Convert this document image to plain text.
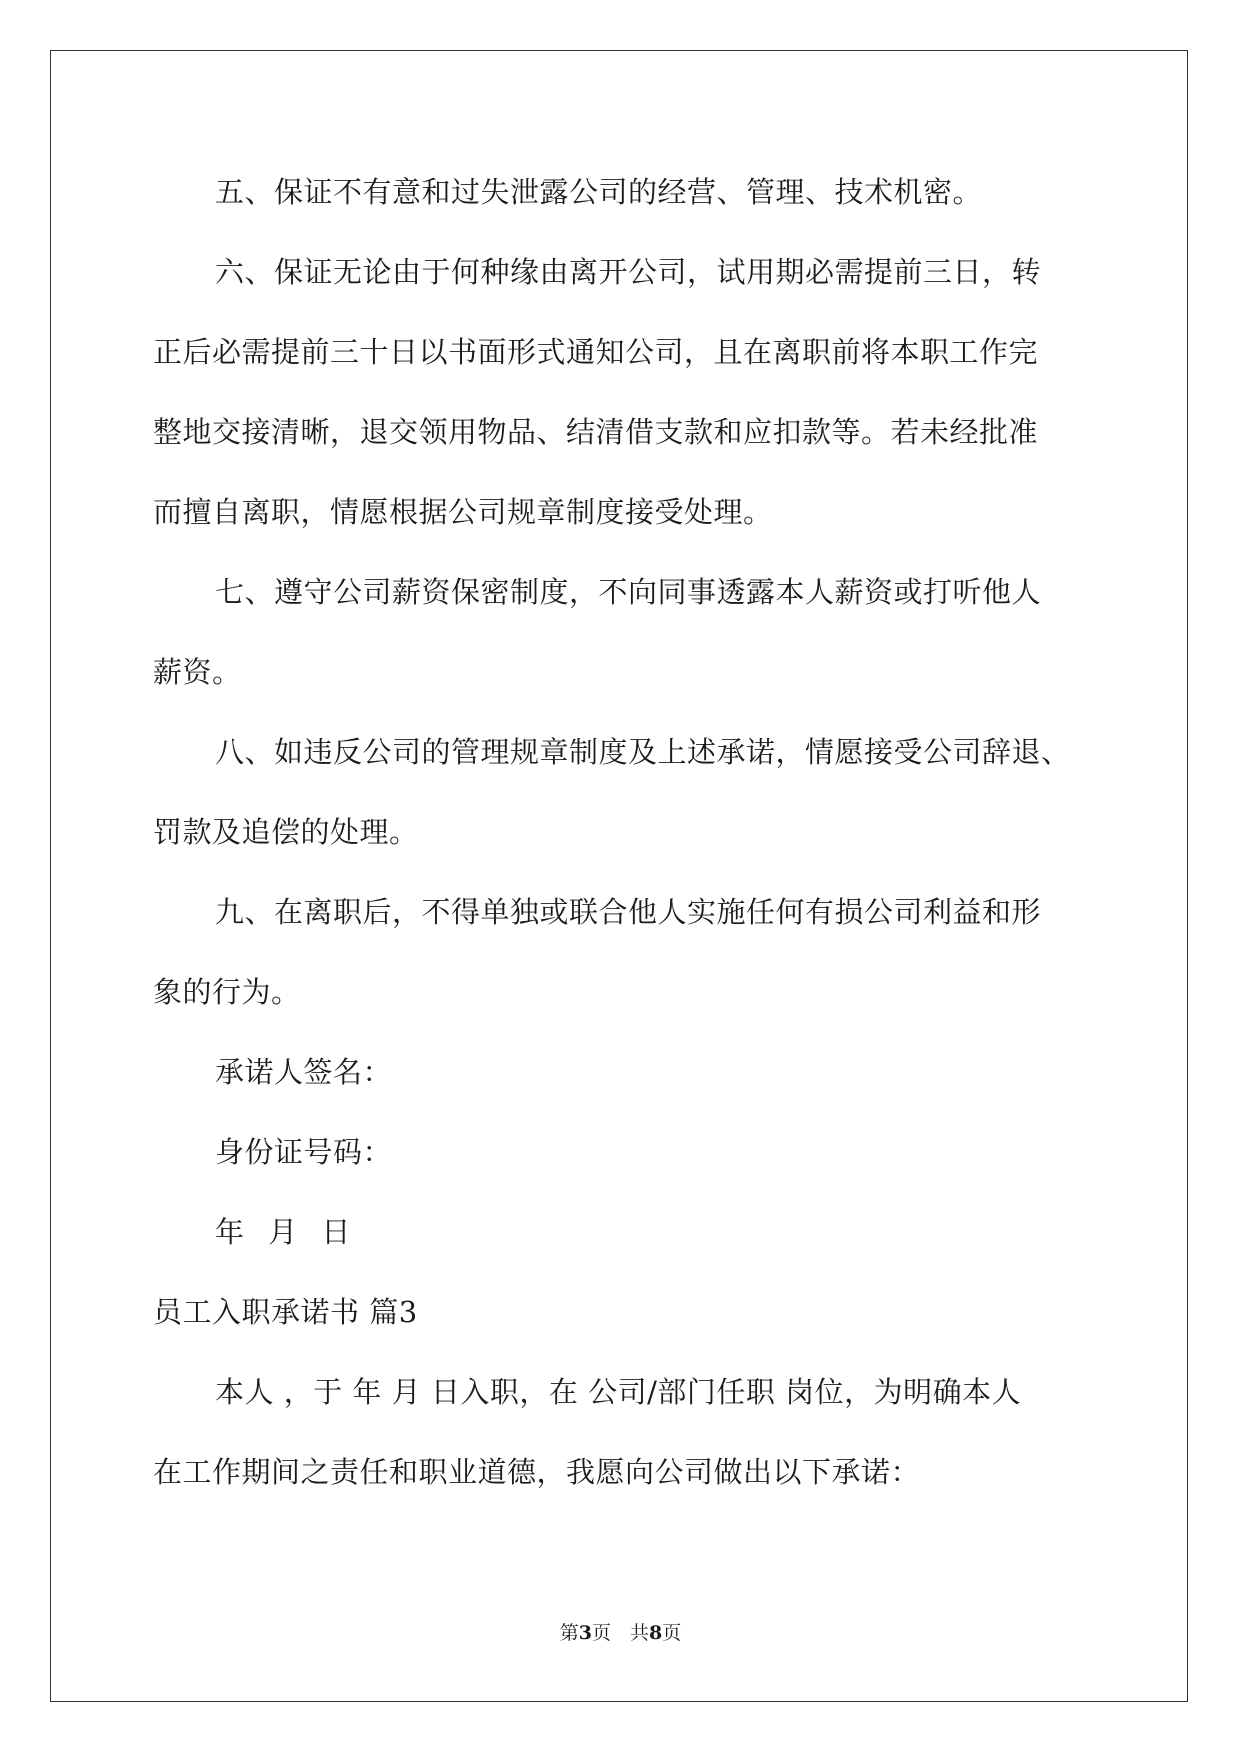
五、保证不有意和过失泄露公司的经营、管理、技术机密。
六、保证无论由于何种缘由离开公司，试用期必需提前三日，转
正后必需提前三十日以书面形式通知公司，且在离职前将本职工作完
整地交接清晰，退交领用物品、结清借支款和应扣款等。若未经批准
而擅自离职，情愿根据公司规章制度接受处理。
七、遵守公司薪资保密制度，不向同事透露本人薪资或打听他人
薪资。
八、如违反公司的管理规章制度及上述承诺，情愿接受公司辞退、
罚款及追偿的处理。
九、在离职后，不得单独或联合他人实施任何有损公司利益和形
象的行为。
承诺人签名：
身份证号码：
年 月 日
员工入职承诺书 篇3
本人 ，于 年 月 日入职，在 公司/部门任职 岗位，为明确本人
在工作期间之责任和职业道德，我愿向公司做出以下承诺：
第3页　共8页
